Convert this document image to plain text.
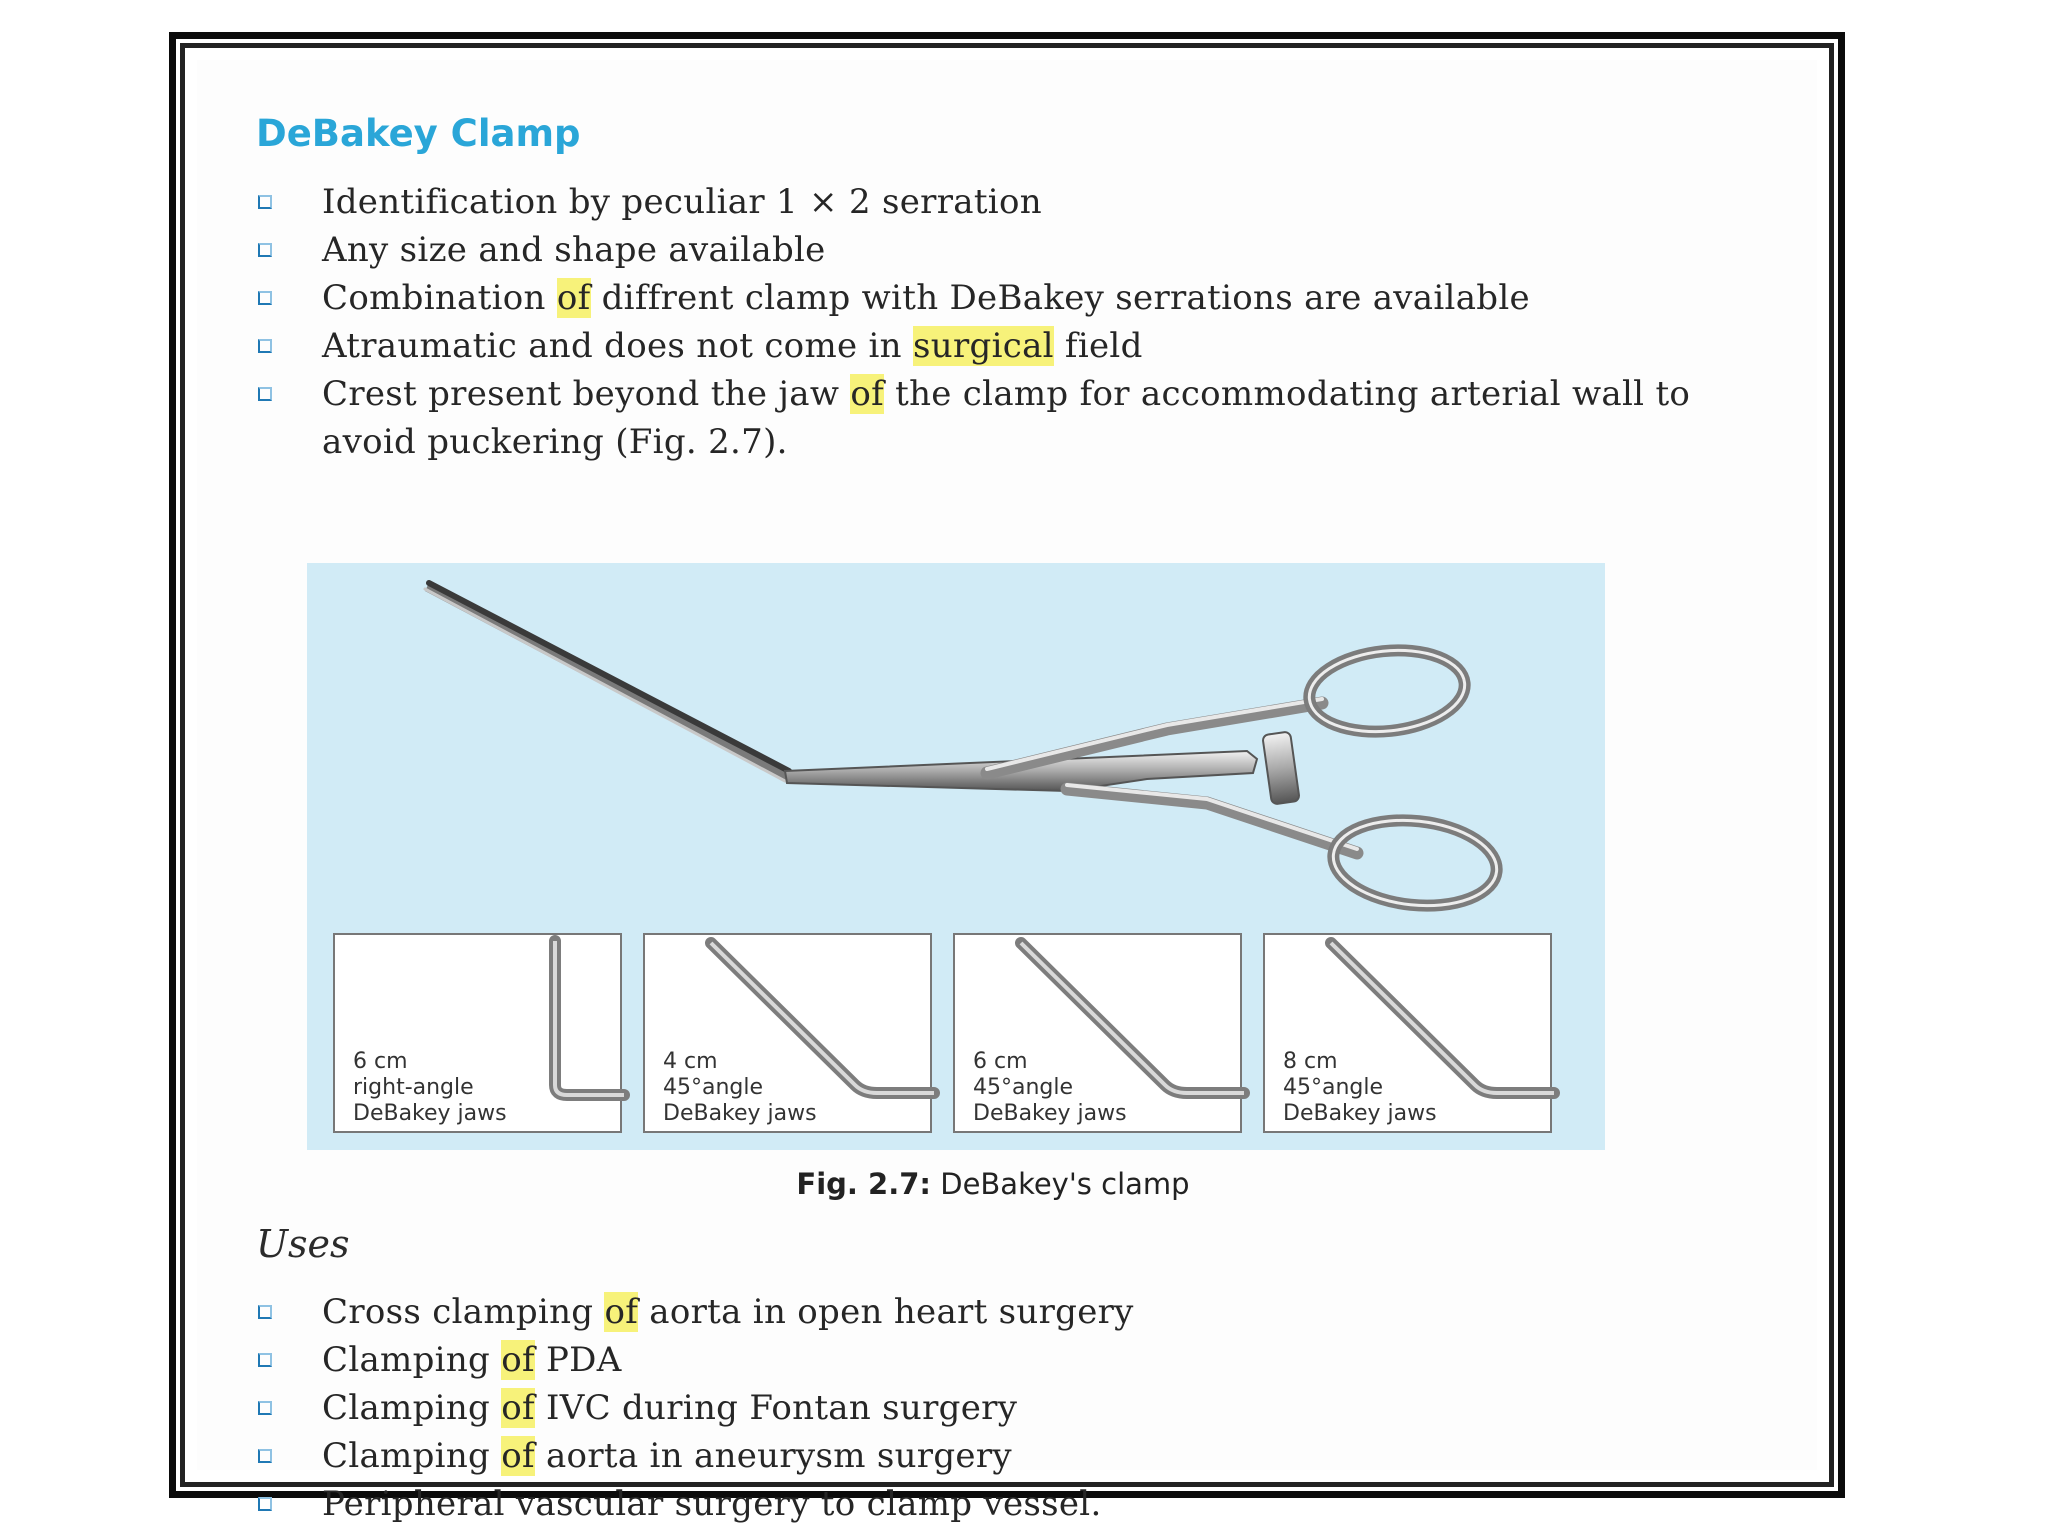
DeBakey Clamp
Identification by peculiar 1 × 2 serration
Any size and shape available
Combination of diffrent clamp with DeBakey serrations are available
Atraumatic and does not come in surgical field
Crest present beyond the jaw of the clamp for accommodating arterial wall to avoid puckering (Fig. 2.7).
6 cm
right-angle
DeBakey jaws
4 cm
45°angle
DeBakey jaws
6 cm
45°angle
DeBakey jaws
8 cm
45°angle
DeBakey jaws
Fig. 2.7: DeBakey's clamp
Uses
Cross clamping of aorta in open heart surgery
Clamping of PDA
Clamping of IVC during Fontan surgery
Clamping of aorta in aneurysm surgery
Peripheral vascular surgery to clamp vessel.
